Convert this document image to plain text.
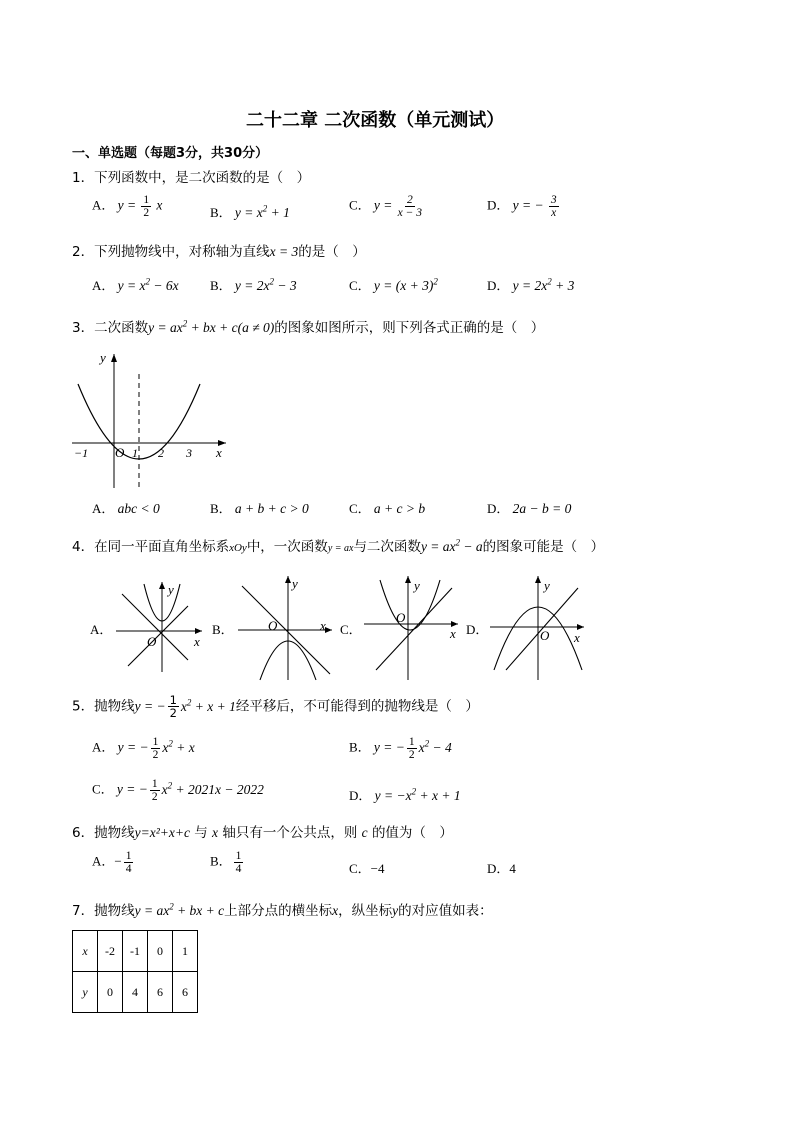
二十二章 二次函数（单元测试）
一、单选题（每题3分，共30分）
1．下列函数中，是二次函数的是（　）
A． $y = \frac{1}{2}$ x	B． $y = x^2 + 1$	C． $y = \frac{2}{x - 3}$	D． y = − $\frac{3}{x}$
2．下列抛物线中，对称轴为直线x = 3的是（　）
A． $y = x^2 - 6x$ B． $y = 2x^2 - 3$	C． $y = (x + 3)^2$	D． $y = 2x^2 + 3$
3．二次函数$y = ax^2$ + bx + c(a ≠ 0)的图象如图所示，则下列各式正确的是（　）
y
x
O
−1	1 2 3
A． abc < 0	B． a + b + c > 0	C． a + c > b	D． 2a − b = 0
4．在同一平面直角坐标系xOy中，一次函数y = ax与二次函数$y = ax^2 - a$的图象可能是（　）
A．
y
x
O
B．
y
x
O	C．
y
x
O
D．
y
x
O
5．抛物线y = − $\frac{1}{2} x^2 + x + 1$经平移后，不可能得到的抛物线是（　）
A． y = − $\frac{1}{2} x^2 + x$	B． y = − $\frac{1}{2} x^2 - 4$
C． y = − $\frac{1}{2} x^2 + 2021x - 2022$	D． $y = -x^2 + x + 1$
6．抛物线y=x²+x+c 与 x 轴只有一个公共点，则 c 的值为（　）
A．− $\frac{1}{4}$	B． $\frac{1}{4}$	C．−4	D．4
7．抛物线$y = ax^2$ + bx + c上部分点的横坐标x，纵坐标y的对应值如表：
x	-2	-1	0	1
y	0	4	6	6
